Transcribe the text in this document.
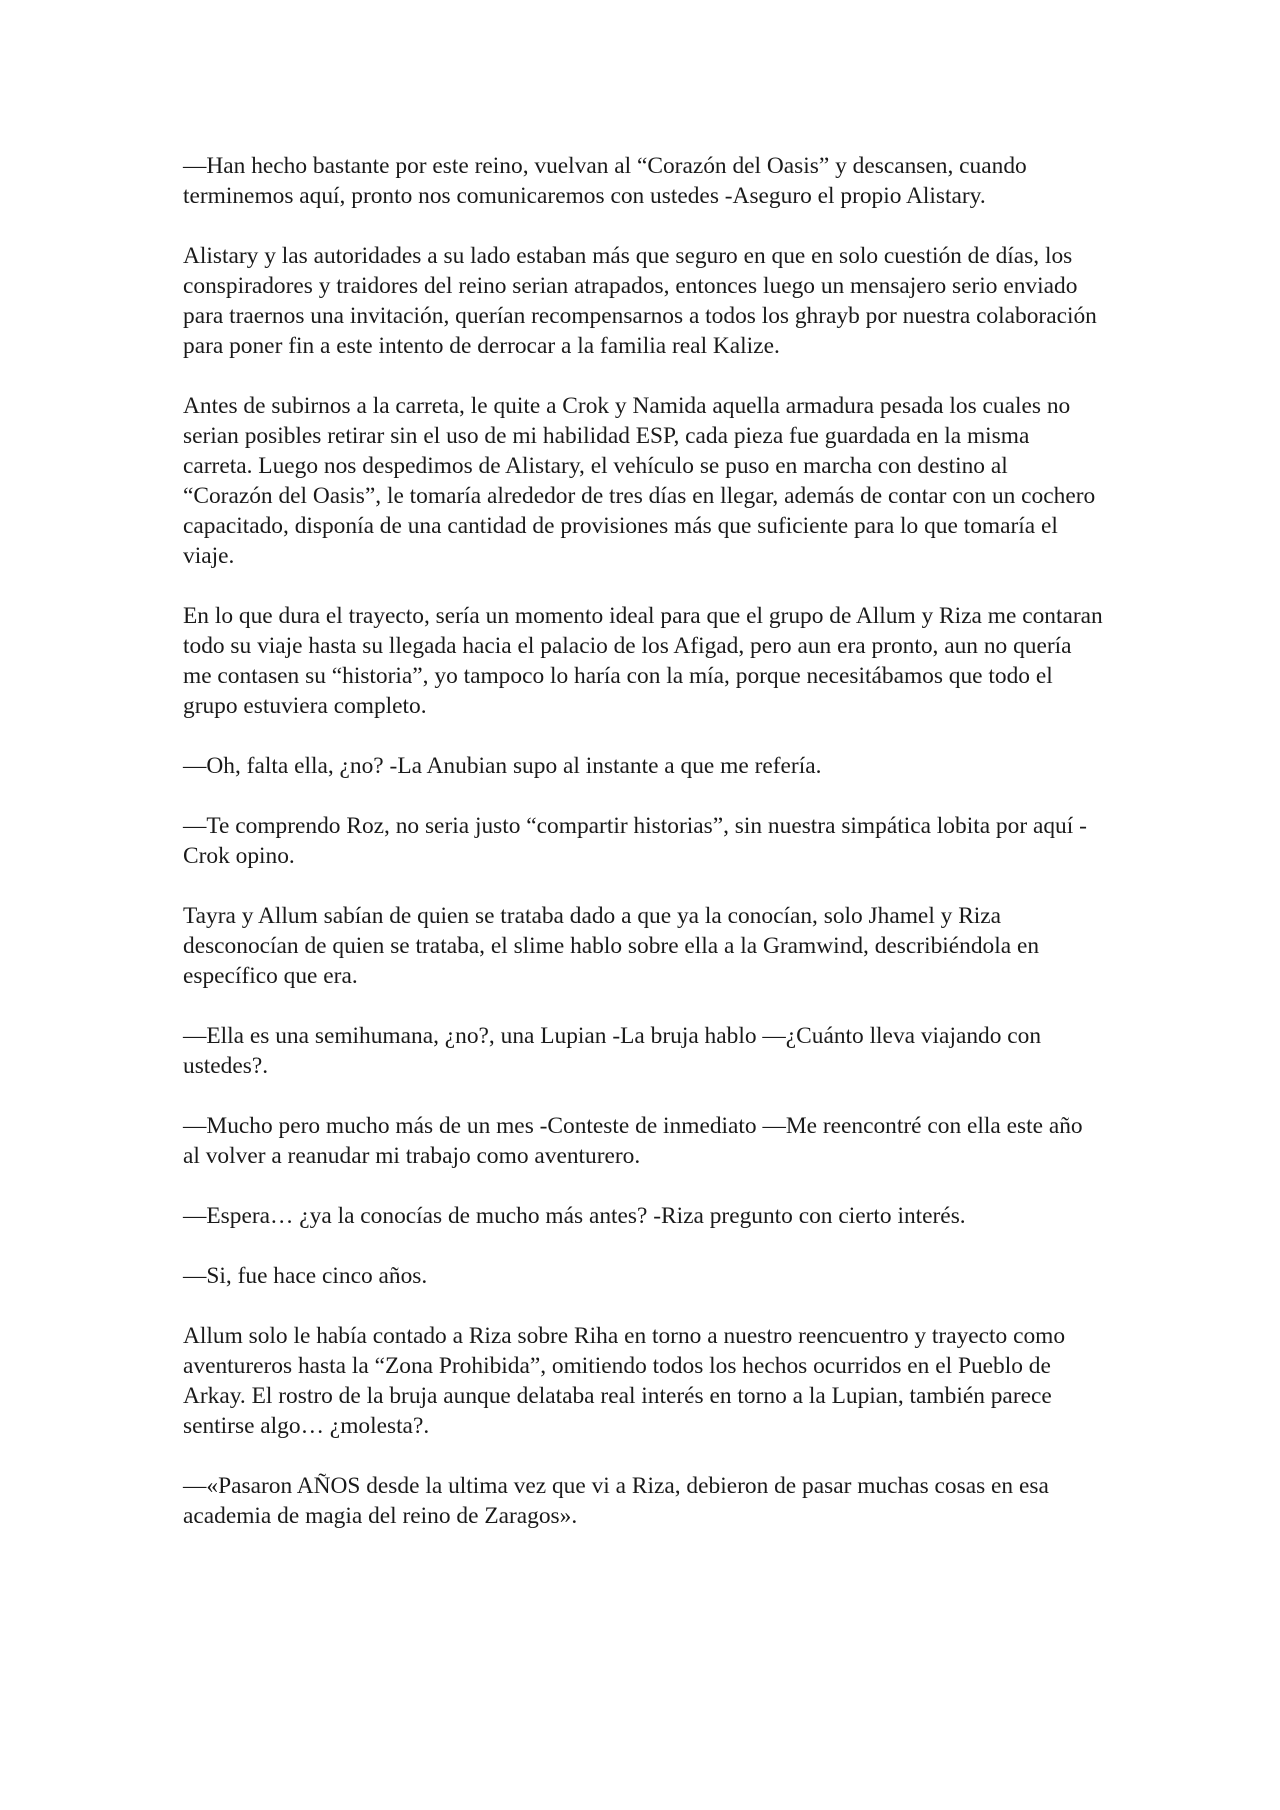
—Han hecho bastante por este reino, vuelvan al “Corazón del Oasis” y descansen, cuando terminemos aquí, pronto nos comunicaremos con ustedes -Aseguro el propio Alistary.

Alistary y las autoridades a su lado estaban más que seguro en que en solo cuestión de días, los conspiradores y traidores del reino serian atrapados, entonces luego un mensajero serio enviado para traernos una invitación, querían recompensarnos a todos los ghrayb por nuestra colaboración para poner fin a este intento de derrocar a la familia real Kalize.

Antes de subirnos a la carreta, le quite a Crok y Namida aquella armadura pesada los cuales no serian posibles retirar sin el uso de mi habilidad ESP, cada pieza fue guardada en la misma carreta. Luego nos despedimos de Alistary, el vehículo se puso en marcha con destino al “Corazón del Oasis”, le tomaría alrededor de tres días en llegar, además de contar con un cochero capacitado, disponía de una cantidad de provisiones más que suficiente para lo que tomaría el viaje.

En lo que dura el trayecto, sería un momento ideal para que el grupo de Allum y Riza me contaran todo su viaje hasta su llegada hacia el palacio de los Afigad, pero aun era pronto, aun no quería me contasen su “historia”, yo tampoco lo haría con la mía, porque necesitábamos que todo el grupo estuviera completo.

—Oh, falta ella, ¿no? -La Anubian supo al instante a que me refería.

—Te comprendo Roz, no seria justo “compartir historias”, sin nuestra simpática lobita por aquí -Crok opino.

Tayra y Allum sabían de quien se trataba dado a que ya la conocían, solo Jhamel y Riza desconocían de quien se trataba, el slime hablo sobre ella a la Gramwind, describiéndola en específico que era.

—Ella es una semihumana, ¿no?, una Lupian -La bruja hablo —¿Cuánto lleva viajando con ustedes?.

—Mucho pero mucho más de un mes -Conteste de inmediato —Me reencontré con ella este año al volver a reanudar mi trabajo como aventurero.

—Espera… ¿ya la conocías de mucho más antes? -Riza pregunto con cierto interés.

—Si, fue hace cinco años.

Allum solo le había contado a Riza sobre Riha en torno a nuestro reencuentro y trayecto como aventureros hasta la “Zona Prohibida”, omitiendo todos los hechos ocurridos en el Pueblo de Arkay. El rostro de la bruja aunque delataba real interés en torno a la Lupian, también parece sentirse algo… ¿molesta?.

—«Pasaron AÑOS desde la ultima vez que vi a Riza, debieron de pasar muchas cosas en esa academia de magia del reino de Zaragos».
